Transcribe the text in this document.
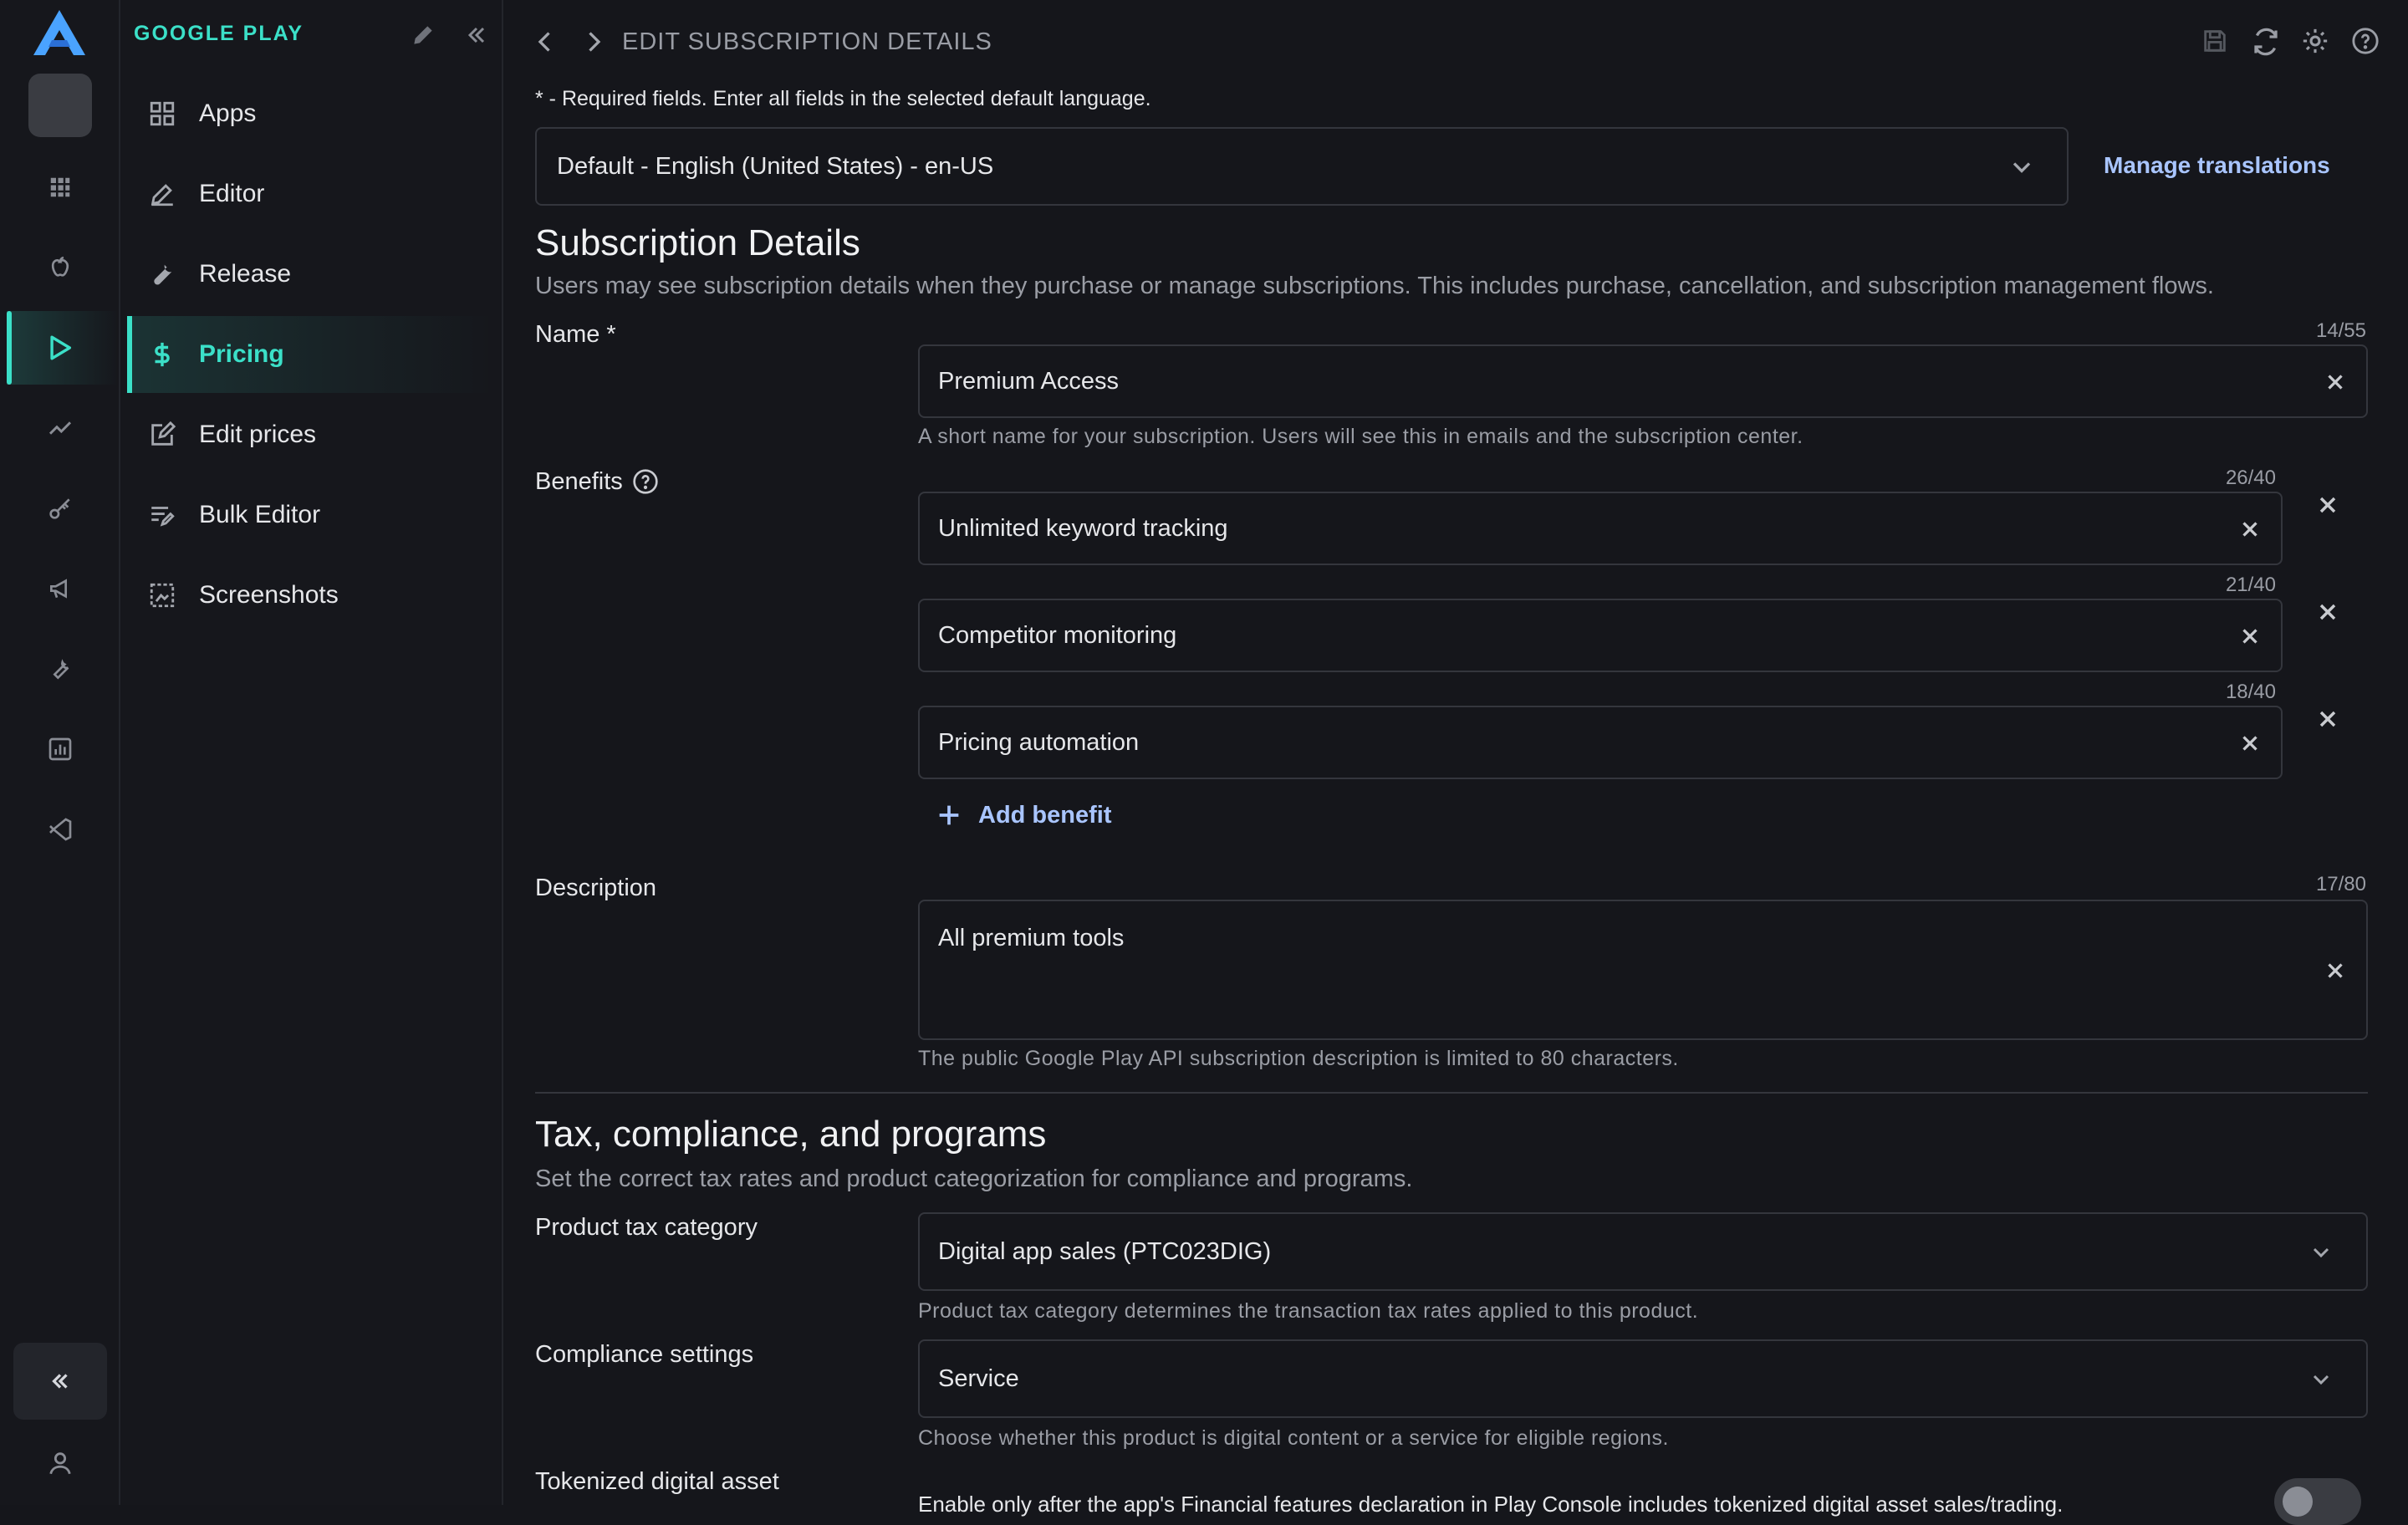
GOOGLE PLAY
Apps
Editor
Release
Pricing
Edit prices
Bulk Editor
Screenshots
EDIT SUBSCRIPTION DETAILS
* - Required fields. Enter all fields in the selected default language.
Default - English (United States) - en-US	Manage translations
Subscription Details
Users may see subscription details when they purchase or manage subscriptions. This includes purchase, cancellation, and subscription management flows.
Name *	14/55
Premium Access
A short name for your subscription. Users will see this in emails and the subscription center.
Benefits	26/40
Unlimited keyword tracking
21/40
Competitor monitoring
18/40
Pricing automation
Add benefit
Description	17/80
All premium tools
The public Google Play API subscription description is limited to 80 characters.
Tax, compliance, and programs
Set the correct tax rates and product categorization for compliance and programs.
Product tax category
Digital app sales (PTC023DIG)
Product tax category determines the transaction tax rates applied to this product.
Compliance settings
Service
Choose whether this product is digital content or a service for eligible regions.
Tokenized digital asset
Enable only after the app's Financial features declaration in Play Console includes tokenized digital asset sales/trading.
